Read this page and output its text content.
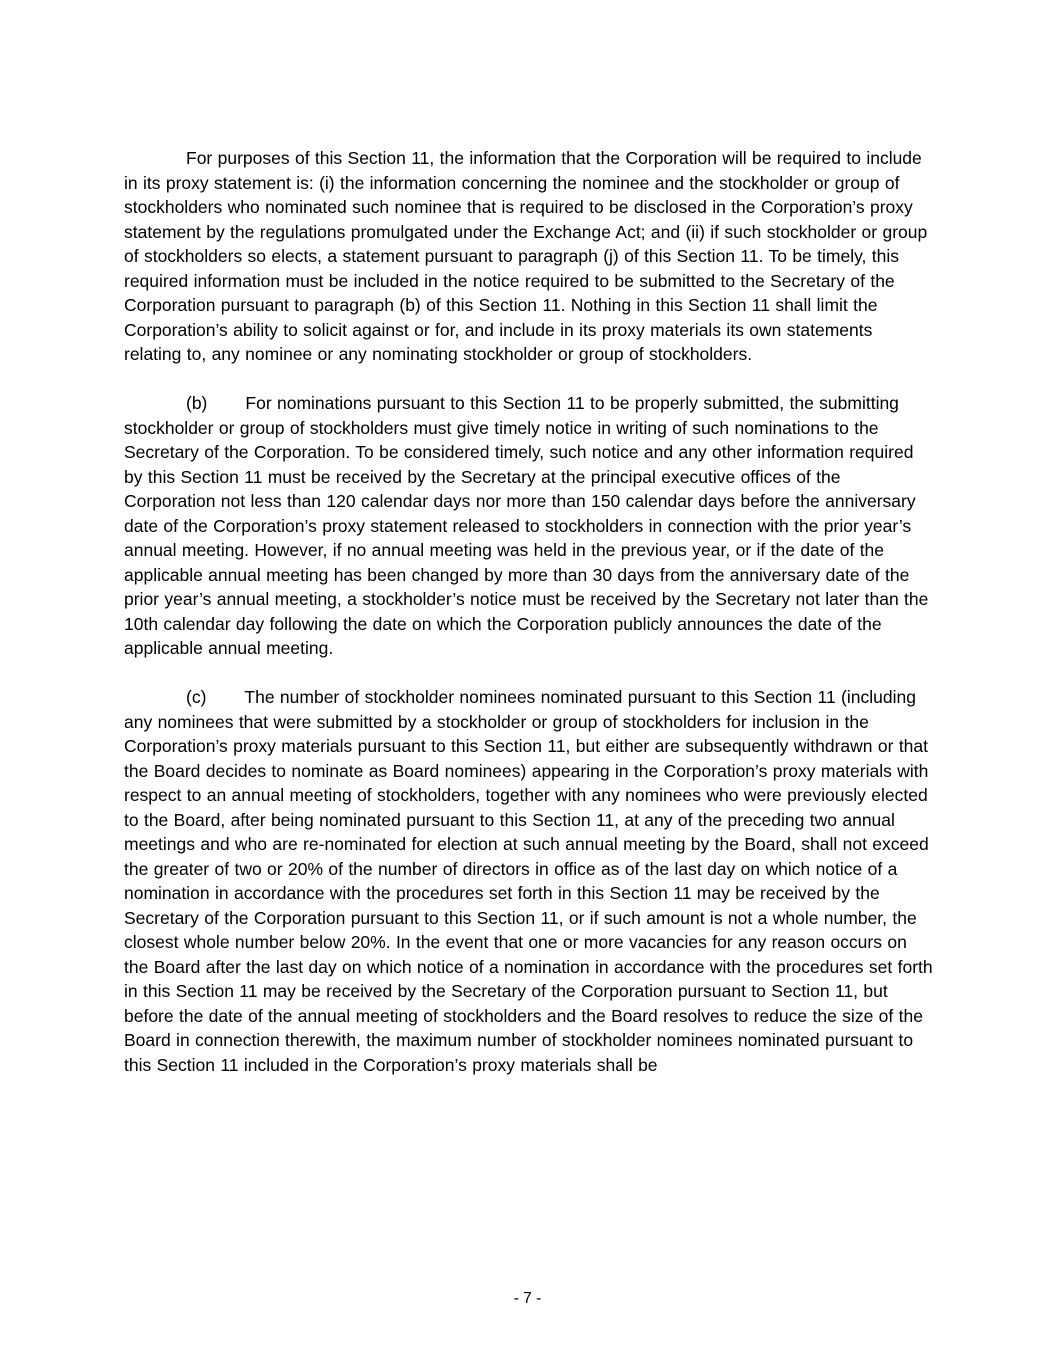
For purposes of this Section 11, the information that the Corporation will be required to include in its proxy statement is: (i) the information concerning the nominee and the stockholder or group of stockholders who nominated such nominee that is required to be disclosed in the Corporation’s proxy statement by the regulations promulgated under the Exchange Act; and (ii) if such stockholder or group of stockholders so elects, a statement pursuant to paragraph (j) of this Section 11. To be timely, this required information must be included in the notice required to be submitted to the Secretary of the Corporation pursuant to paragraph (b) of this Section 11. Nothing in this Section 11 shall limit the Corporation’s ability to solicit against or for, and include in its proxy materials its own statements relating to, any nominee or any nominating stockholder or group of stockholders.

(b) For nominations pursuant to this Section 11 to be properly submitted, the submitting stockholder or group of stockholders must give timely notice in writing of such nominations to the Secretary of the Corporation. To be considered timely, such notice and any other information required by this Section 11 must be received by the Secretary at the principal executive offices of the Corporation not less than 120 calendar days nor more than 150 calendar days before the anniversary date of the Corporation’s proxy statement released to stockholders in connection with the prior year’s annual meeting. However, if no annual meeting was held in the previous year, or if the date of the applicable annual meeting has been changed by more than 30 days from the anniversary date of the prior year’s annual meeting, a stockholder’s notice must be received by the Secretary not later than the 10th calendar day following the date on which the Corporation publicly announces the date of the applicable annual meeting.

(c) The number of stockholder nominees nominated pursuant to this Section 11 (including any nominees that were submitted by a stockholder or group of stockholders for inclusion in the Corporation’s proxy materials pursuant to this Section 11, but either are subsequently withdrawn or that the Board decides to nominate as Board nominees) appearing in the Corporation’s proxy materials with respect to an annual meeting of stockholders, together with any nominees who were previously elected to the Board, after being nominated pursuant to this Section 11, at any of the preceding two annual meetings and who are re-nominated for election at such annual meeting by the Board, shall not exceed the greater of two or 20% of the number of directors in office as of the last day on which notice of a nomination in accordance with the procedures set forth in this Section 11 may be received by the Secretary of the Corporation pursuant to this Section 11, or if such amount is not a whole number, the closest whole number below 20%. In the event that one or more vacancies for any reason occurs on the Board after the last day on which notice of a nomination in accordance with the procedures set forth in this Section 11 may be received by the Secretary of the Corporation pursuant to Section 11, but before the date of the annual meeting of stockholders and the Board resolves to reduce the size of the Board in connection therewith, the maximum number of stockholder nominees nominated pursuant to this Section 11 included in the Corporation’s proxy materials shall be

- 7 -
